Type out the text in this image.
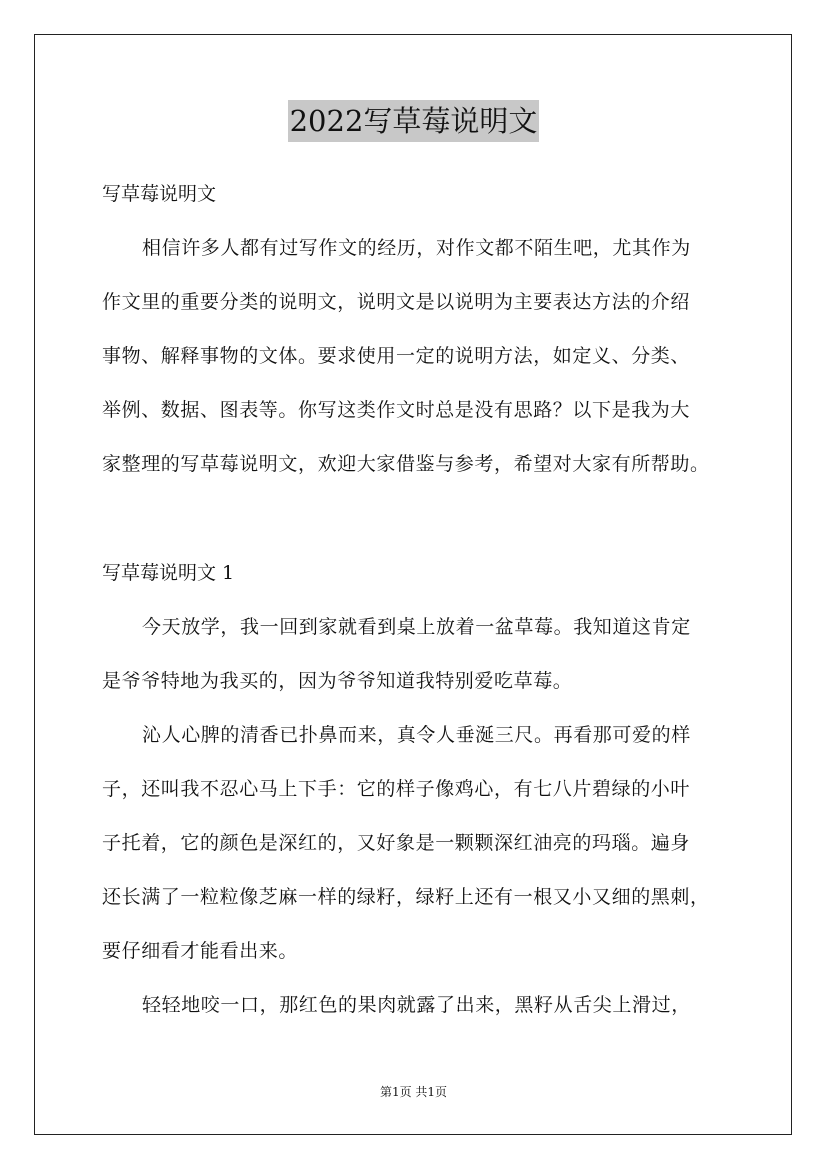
2022写草莓说明文
写草莓说明文
相信许多人都有过写作文的经历，对作文都不陌生吧，尤其作为
作文里的重要分类的说明文，说明文是以说明为主要表达方法的介绍
事物、解释事物的文体。要求使用一定的说明方法，如定义、分类、
举例、数据、图表等。你写这类作文时总是没有思路？以下是我为大
家整理的写草莓说明文，欢迎大家借鉴与参考，希望对大家有所帮助。
写草莓说明文 1
今天放学，我一回到家就看到桌上放着一盆草莓。我知道这肯定
是爷爷特地为我买的，因为爷爷知道我特别爱吃草莓。
沁人心脾的清香已扑鼻而来，真令人垂涎三尺。再看那可爱的样
子，还叫我不忍心马上下手：它的样子像鸡心，有七八片碧绿的小叶
子托着，它的颜色是深红的，又好象是一颗颗深红油亮的玛瑙。遍身
还长满了一粒粒像芝麻一样的绿籽，绿籽上还有一根又小又细的黑刺，
要仔细看才能看出来。
轻轻地咬一口，那红色的果肉就露了出来，黑籽从舌尖上滑过，
第1页 共1页
